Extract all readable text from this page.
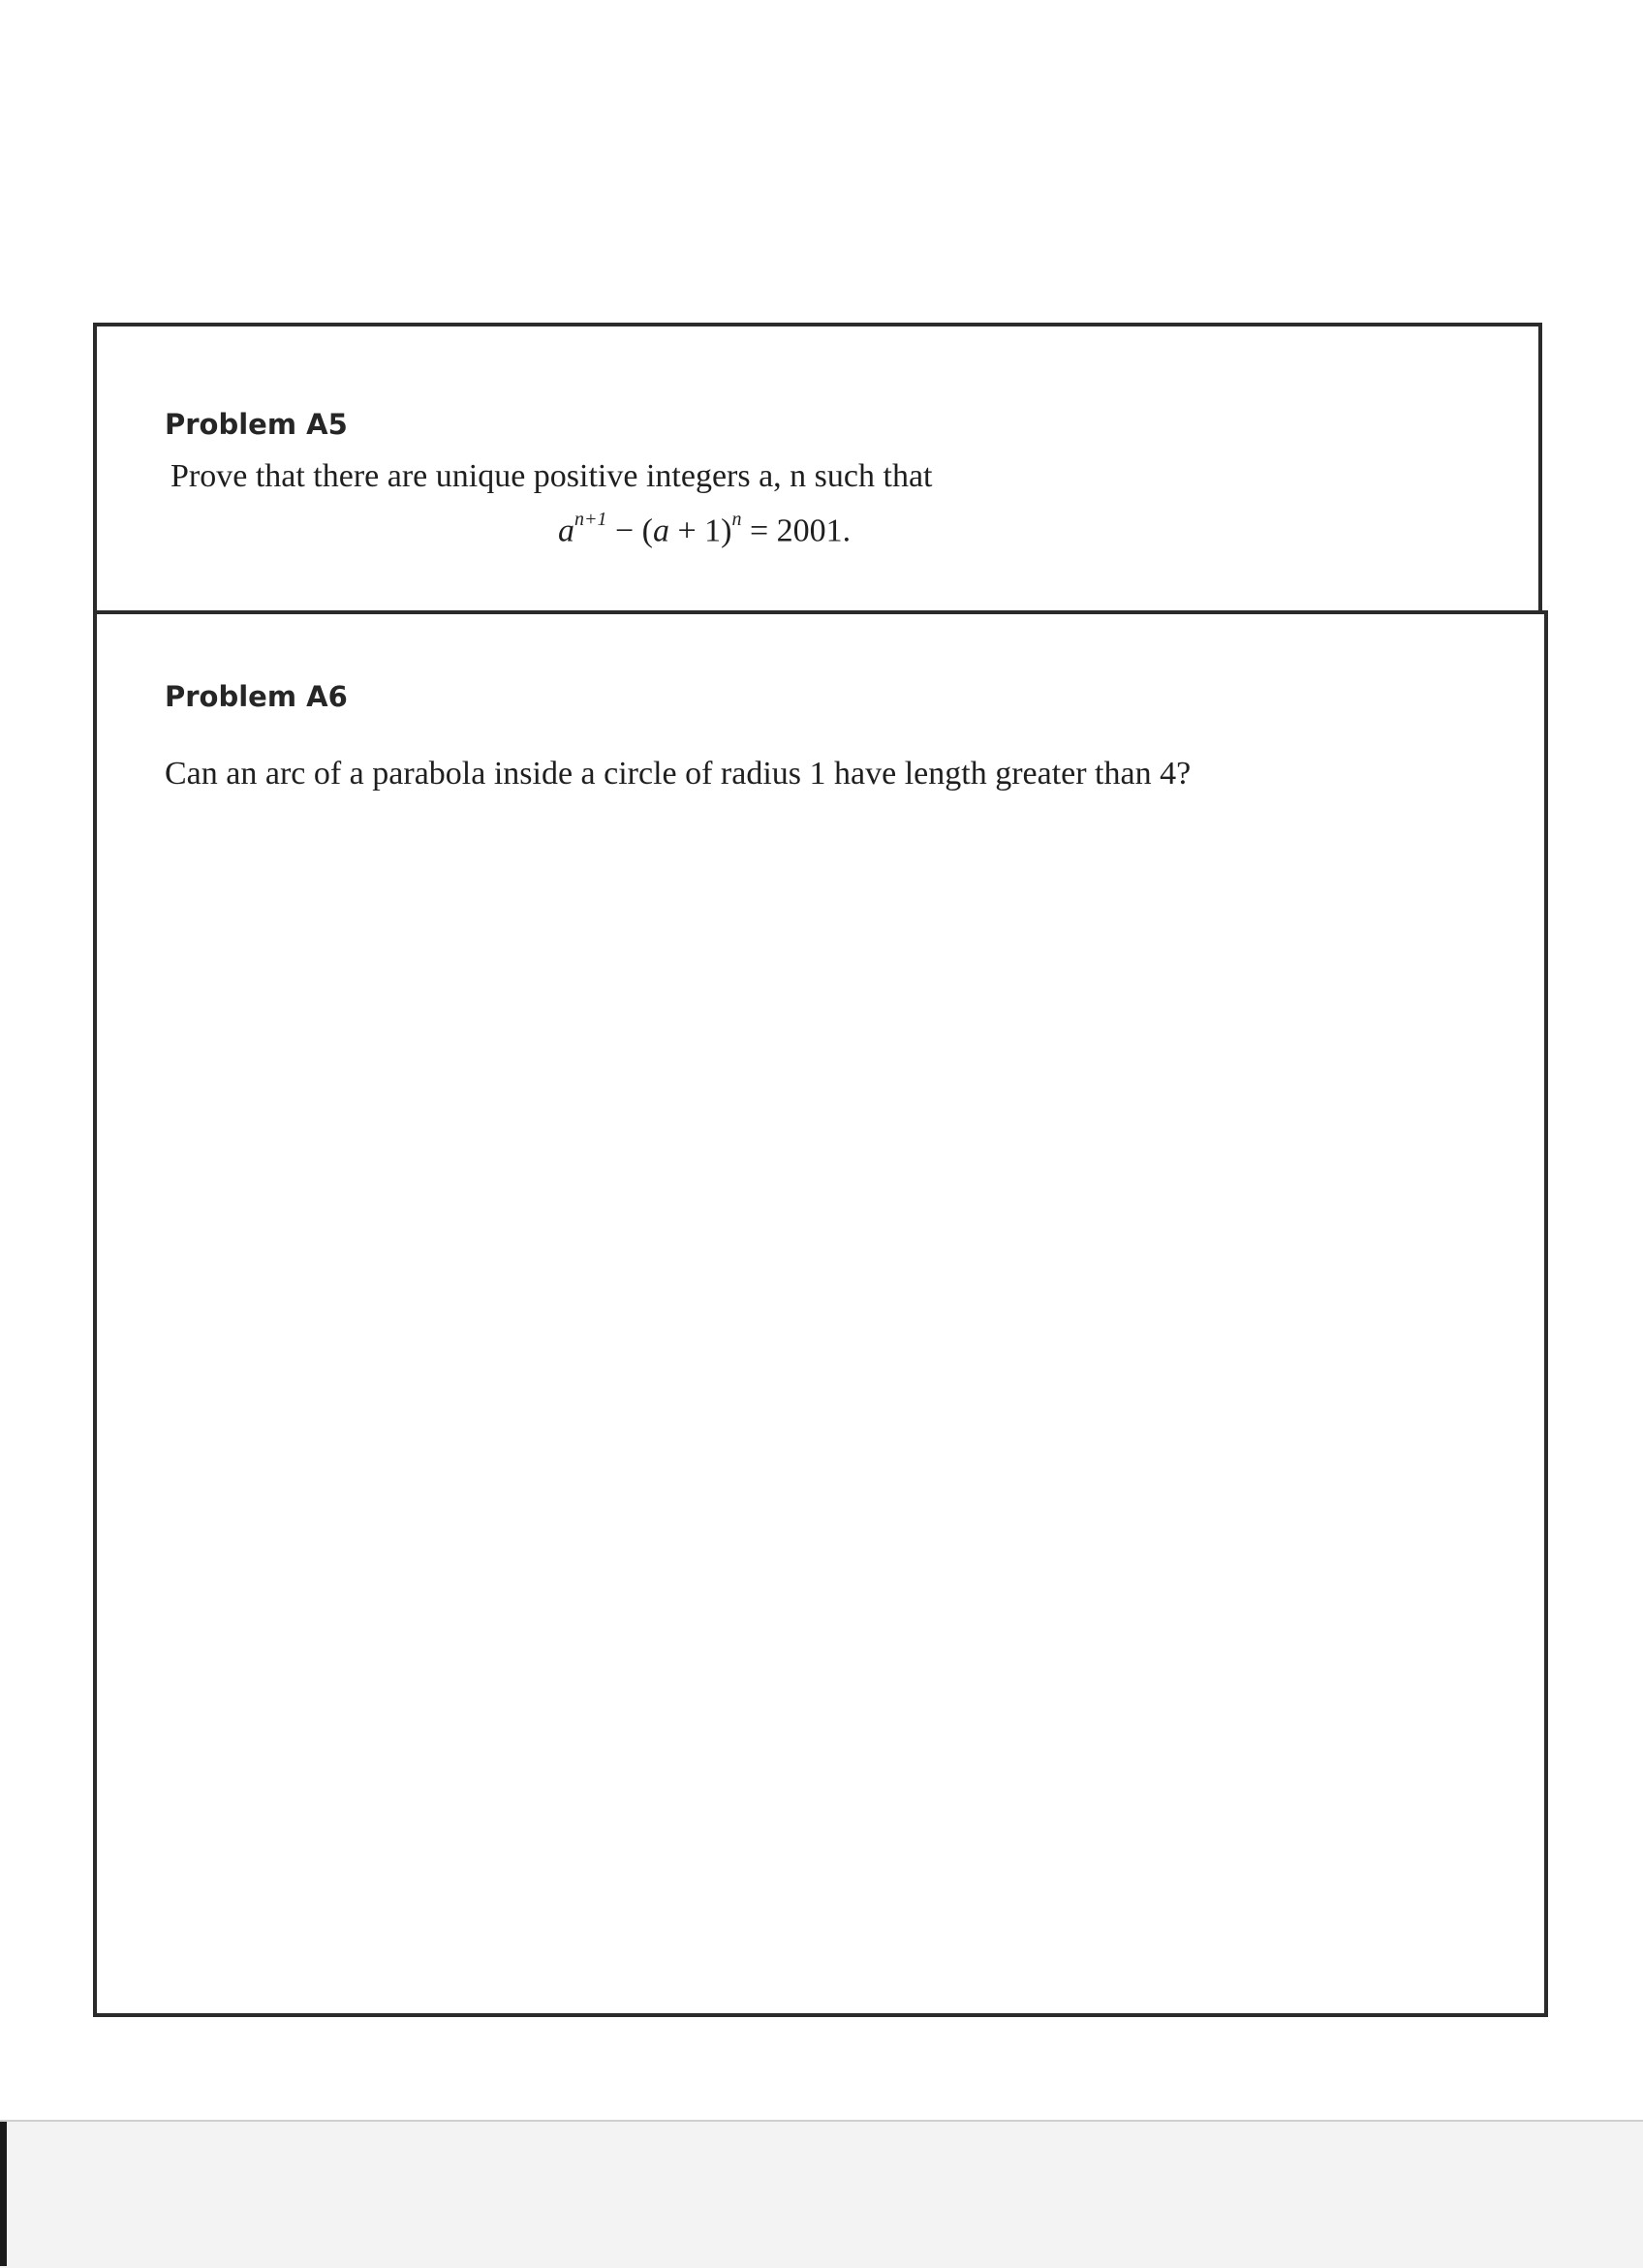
Problem A5
Prove that there are unique positive integers a, n such that
$a^{n+1} - (a + 1)^n = 2001$.
Problem A6
Can an arc of a parabola inside a circle of radius 1 have length greater than 4?
